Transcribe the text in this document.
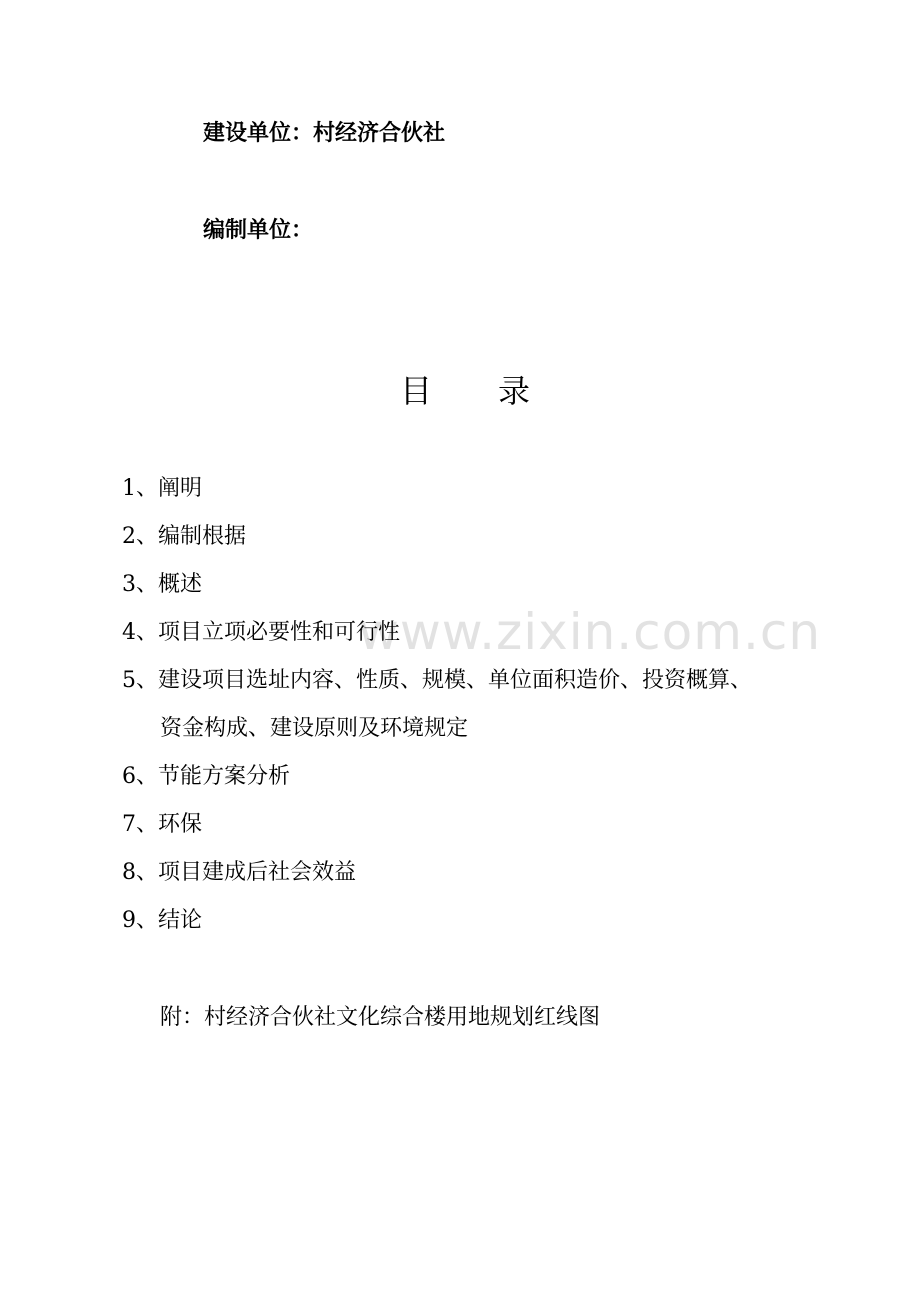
www.zixin.com.cn
建设单位：村经济合伙社
编制单位：
目 录
1、阐明
2、编制根据
3、概述
4、项目立项必要性和可行性
5、建设项目选址内容、性质、规模、单位面积造价、投资概算、
资金构成、建设原则及环境规定
6、节能方案分析
7、环保
8、项目建成后社会效益
9、结论
附：村经济合伙社文化综合楼用地规划红线图
